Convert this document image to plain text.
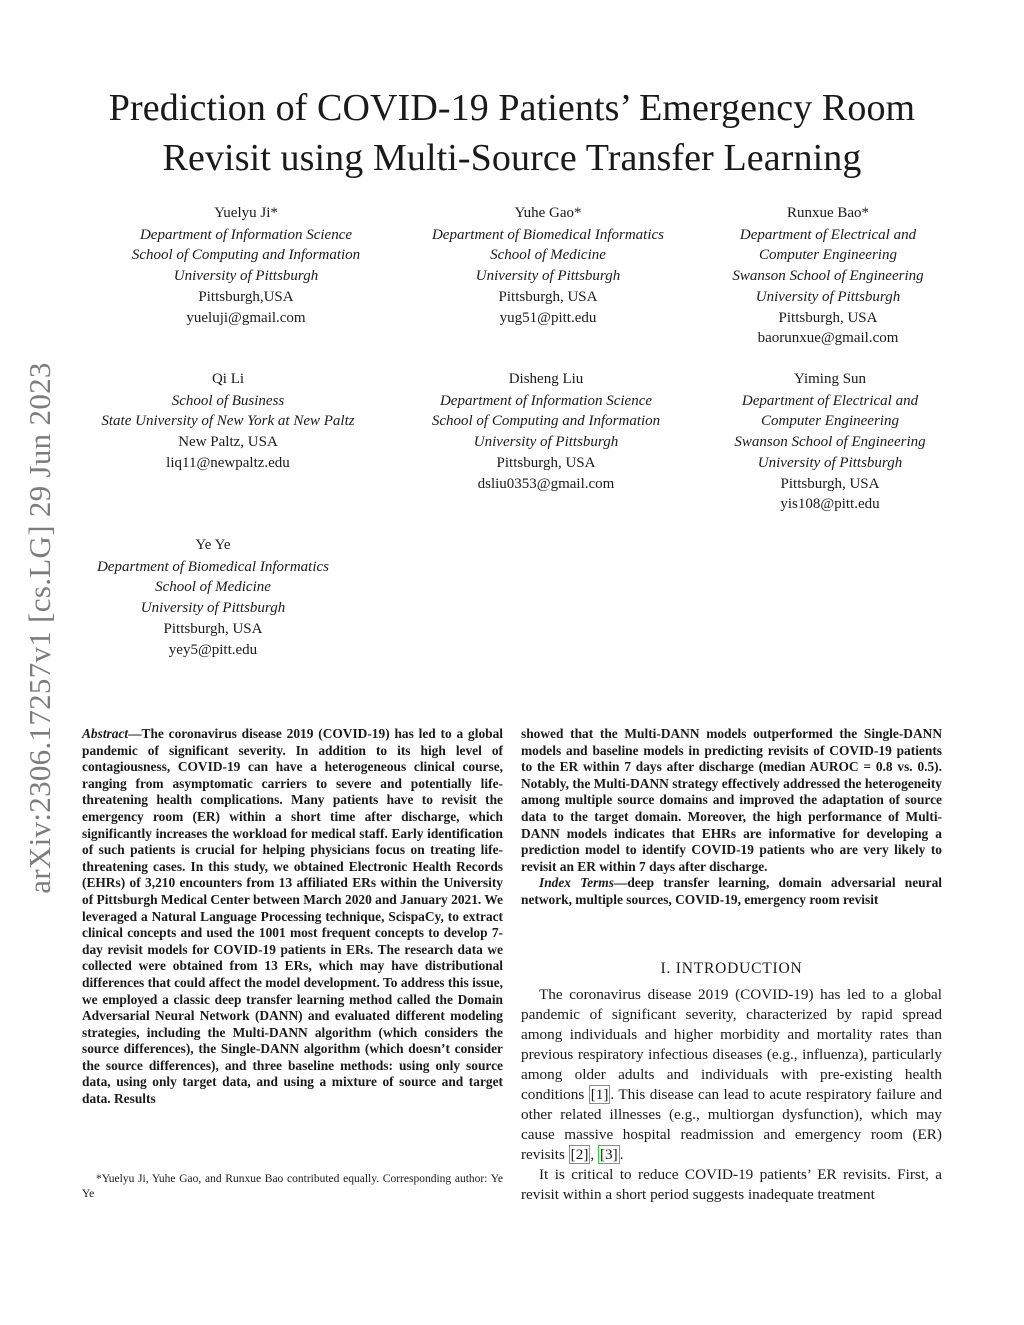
Prediction of COVID-19 Patients’ Emergency Room
Revisit using Multi-Source Transfer Learning
arXiv:2306.17257v1 [cs.LG] 29 Jun 2023
Yuelyu Ji*
Department of Information Science
School of Computing and Information
University of Pittsburgh
Pittsburgh,USA
yueluji@gmail.com
Yuhe Gao*
Department of Biomedical Informatics
School of Medicine
University of Pittsburgh
Pittsburgh, USA
yug51@pitt.edu
Runxue Bao*
Department of Electrical and
Computer Engineering
Swanson School of Engineering
University of Pittsburgh
Pittsburgh, USA
baorunxue@gmail.com
Qi Li
School of Business
State University of New York at New Paltz
New Paltz, USA
liq11@newpaltz.edu
Disheng Liu
Department of Information Science
School of Computing and Information
University of Pittsburgh
Pittsburgh, USA
dsliu0353@gmail.com
Yiming Sun
Department of Electrical and
Computer Engineering
Swanson School of Engineering
University of Pittsburgh
Pittsburgh, USA
yis108@pitt.edu
Ye Ye
Department of Biomedical Informatics
School of Medicine
University of Pittsburgh
Pittsburgh, USA
yey5@pitt.edu
Abstract—The coronavirus disease 2019 (COVID-19) has led to a global pandemic of significant severity. In addition to its high level of contagiousness, COVID-19 can have a heterogeneous clinical course, ranging from asymptomatic carriers to severe and potentially life-threatening health complications. Many patients have to revisit the emergency room (ER) within a short time after discharge, which significantly increases the workload for medical staff. Early identification of such patients is crucial for helping physicians focus on treating life-threatening cases. In this study, we obtained Electronic Health Records (EHRs) of 3,210 encounters from 13 affiliated ERs within the University of Pittsburgh Medical Center between March 2020 and January 2021. We leveraged a Natural Language Processing technique, ScispaCy, to extract clinical concepts and used the 1001 most frequent concepts to develop 7-day revisit models for COVID-19 patients in ERs. The research data we collected were obtained from 13 ERs, which may have distributional differences that could affect the model development. To address this issue, we employed a classic deep transfer learning method called the Domain Adversarial Neural Network (DANN) and evaluated different modeling strategies, including the Multi-DANN algorithm (which considers the source differences), the Single-DANN algorithm (which doesn’t consider the source differences), and three baseline methods: using only source data, using only target data, and using a mixture of source and target data. Results
showed that the Multi-DANN models outperformed the Single-DANN models and baseline models in predicting revisits of COVID-19 patients to the ER within 7 days after discharge (median AUROC = 0.8 vs. 0.5). Notably, the Multi-DANN strategy effectively addressed the heterogeneity among multiple source domains and improved the adaptation of source data to the target domain. Moreover, the high performance of Multi-DANN models indicates that EHRs are informative for developing a prediction model to identify COVID-19 patients who are very likely to revisit an ER within 7 days after discharge.
Index Terms—deep transfer learning, domain adversarial neural network, multiple sources, COVID-19, emergency room revisit
I. INTRODUCTION

The coronavirus disease 2019 (COVID-19) has led to a global pandemic of significant severity, characterized by rapid spread among individuals and higher morbidity and mortality rates than previous respiratory infectious diseases (e.g., influenza), particularly among older adults and individuals with pre-existing health conditions [1] . This disease can lead to acute respiratory failure and other related illnesses (e.g., multiorgan dysfunction), which may cause massive hospital readmission and emergency room (ER) revisits [2] , [3] .

It is critical to reduce COVID-19 patients’ ER revisits. First, a revisit within a short period suggests inadequate treatment

*Yuelyu Ji, Yuhe Gao, and Runxue Bao contributed equally. Corresponding author: Ye Ye
